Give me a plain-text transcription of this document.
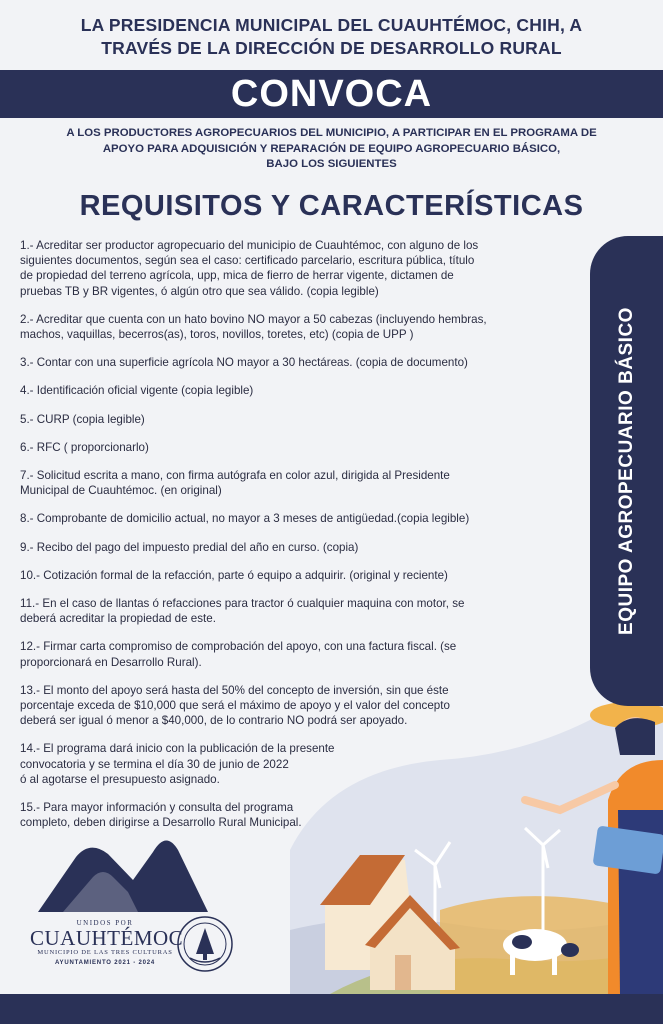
LA PRESIDENCIA MUNICIPAL DEL CUAUHTÉMOC, CHIH, A
TRAVÉS DE LA DIRECCIÓN DE DESARROLLO RURAL
CONVOCA
A LOS PRODUCTORES AGROPECUARIOS DEL MUNICIPIO, A PARTICIPAR EN EL PROGRAMA DE
APOYO PARA ADQUISICIÓN Y REPARACIÓN DE EQUIPO AGROPECUARIO BÁSICO,
BAJO LOS SIGUIENTES
REQUISITOS Y CARACTERÍSTICAS
EQUIPO AGROPECUARIO BÁSICO
1.- Acreditar ser productor agropecuario del municipio de Cuauhtémoc, con alguno de los
siguientes documentos, según sea el caso: certificado parcelario, escritura pública, título
de propiedad del terreno agrícola, upp, mica de fierro de herrar vigente, dictamen de
pruebas TB y BR vigentes, ó algún otro que sea válido. (copia legible)
2.- Acreditar que cuenta con un hato bovino NO mayor a 50 cabezas (incluyendo hembras,
machos, vaquillas, becerros(as), toros, novillos, toretes, etc) (copia de UPP )
3.- Contar con una superficie agrícola NO mayor a 30 hectáreas. (copia de documento)
4.- Identificación oficial vigente (copia legible)
5.- CURP (copia legible)
6.- RFC ( proporcionarlo)
7.- Solicitud escrita a mano, con firma autógrafa en color azul, dirigida al Presidente
Municipal de Cuauhtémoc. (en original)
8.- Comprobante de domicilio actual, no mayor a 3 meses de antigüedad.(copia legible)
9.- Recibo del pago del impuesto predial del año en curso. (copia)
10.- Cotización formal de la refacción, parte ó equipo a adquirir. (original y reciente)
11.- En el caso de llantas ó refacciones para tractor ó cualquier maquina con motor, se
deberá acreditar la propiedad de este.
12.- Firmar carta compromiso de comprobación del apoyo, con una factura fiscal. (se
proporcionará en Desarrollo Rural).
13.- El monto del apoyo será hasta del 50% del concepto de inversión, sin que éste
porcentaje exceda de $10,000 que será el máximo de apoyo y el valor del concepto
deberá ser igual ó menor a $40,000, de lo contrario NO podrá ser apoyado.
14.- El programa dará inicio con la publicación de la presente
convocatoria y se termina el día 30 de junio de 2022
ó al agotarse el presupuesto asignado.
15.- Para mayor información y consulta del programa
completo, deben dirigirse a Desarrollo Rural Municipal.
UNIDOS POR
CUAUHTÉMOC
MUNICIPIO DE LAS TRES CULTURAS
AYUNTAMIENTO 2021 - 2024
